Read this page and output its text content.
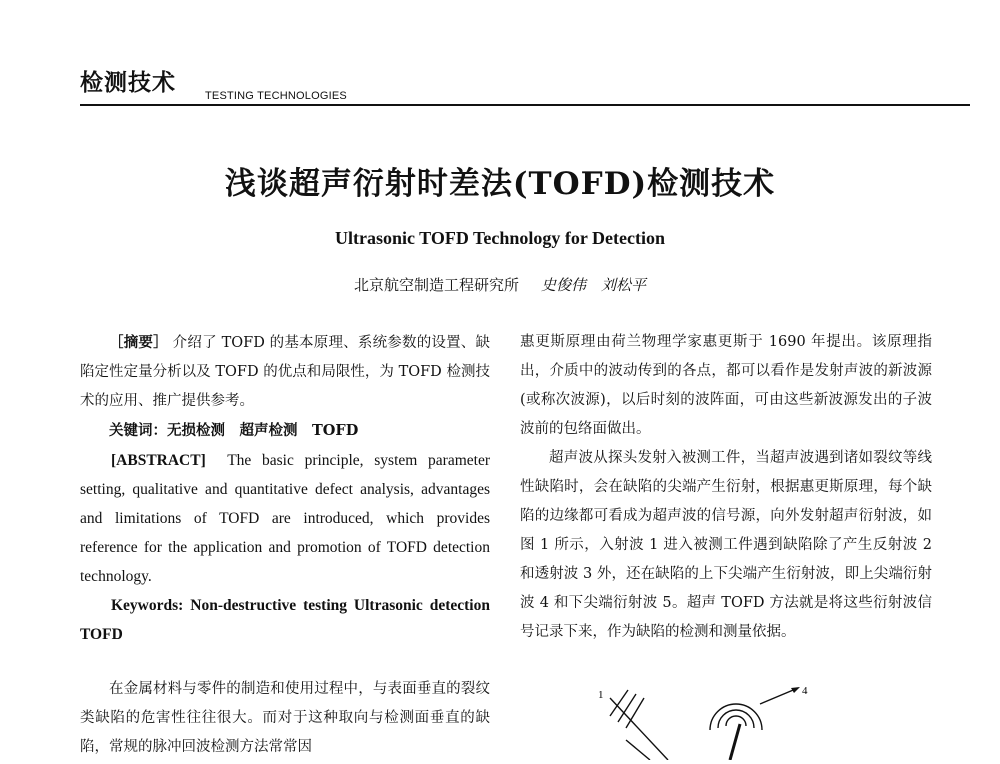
检测技术	TESTING TECHNOLOGIES
浅谈超声衍射时差法(TOFD)检测技术
Ultrasonic TOFD Technology for Detection
北京航空制造工程研究所 史俊伟　刘松平

［摘要］ 介绍了 TOFD 的基本原理、系统参数的设置、缺陷定性定量分析以及 TOFD 的优点和局限性，为 TOFD 检测技术的应用、推广提供参考。

关键词：无损检测　超声检测　TOFD

[ABSTRACT] The basic principle, system parameter setting, qualitative and quantitative defect analysis, advantages and limitations of TOFD are introduced, which provides reference for the application and promotion of TOFD detection technology.

Keywords: Non-destructive testing Ultrasonic detection TOFD

在金属材料与零件的制造和使用过程中，与表面垂直的裂纹类缺陷的危害性往往很大。而对于这种取向与检测面垂直的缺陷，常规的脉冲回波检测方法常常因

惠更斯原理由荷兰物理学家惠更斯于 1690 年提出。该原理指出，介质中的波动传到的各点，都可以看作是发射声波的新波源(或称次波源)，以后时刻的波阵面，可由这些新波源发出的子波波前的包络面做出。

超声波从探头发射入被测工件，当超声波遇到诸如裂纹等线性缺陷时，会在缺陷的尖端产生衍射，根据惠更斯原理，每个缺陷的边缘都可看成为超声波的信号源，向外发射超声衍射波，如图 1 所示，入射波 1 进入被测工件遇到缺陷除了产生反射波 2 和透射波 3 外，还在缺陷的上下尖端产生衍射波，即上尖端衍射波 4 和下尖端衍射波 5。超声 TOFD 方法就是将这些衍射波信号记录下来，作为缺陷的检测和测量依据。

1	4
